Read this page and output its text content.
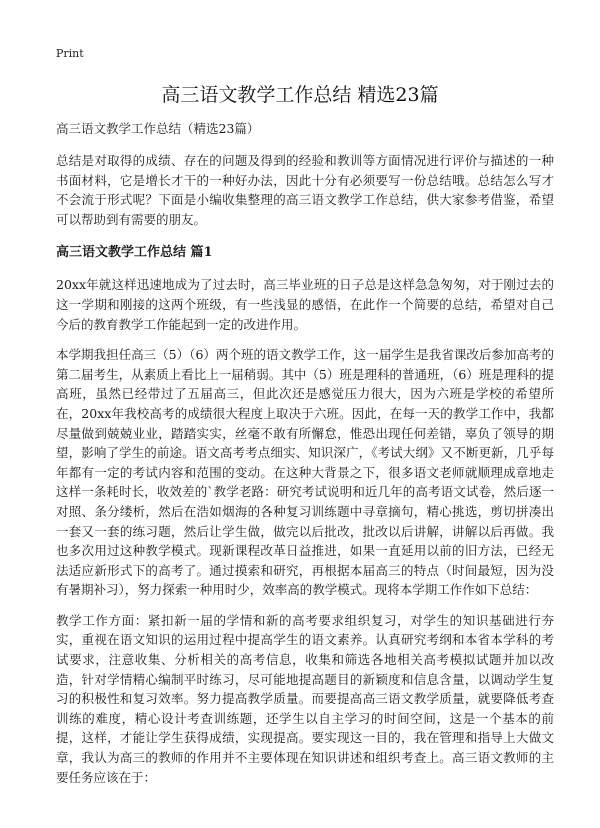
Print
高三语文教学工作总结 精选23篇

高三语文教学工作总结（精选23篇）

总结是对取得的成绩、存在的问题及得到的经验和教训等方面情况进行评价与描述的一种书面材料，它是增长才干的一种好办法，因此十分有必须要写一份总结哦。总结怎么写才不会流于形式呢？下面是小编收集整理的高三语文教学工作总结，供大家参考借鉴，希望可以帮助到有需要的朋友。

高三语文教学工作总结 篇1

20xx年就这样迅速地成为了过去时，高三毕业班的日子总是这样急急匆匆，对于刚过去的这一学期和刚接的这两个班级，有一些浅显的感悟，在此作一个简要的总结，希望对自己今后的教育教学工作能起到一定的改进作用。

本学期我担任高三（5）（6）两个班的语文教学工作，这一届学生是我省课改后参加高考的第二届考生，从素质上看比上一届稍弱。其中（5）班是理科的普通班，（6）班是理科的提高班，虽然已经带过了五届高三，但此次还是感觉压力很大，因为六班是学校的希望所在，20xx年我校高考的成绩很大程度上取决于六班。因此，在每一天的教学工作中，我都尽量做到兢兢业业，踏踏实实，丝毫不敢有所懈怠，惟恐出现任何差错，辜负了领导的期望，影响了学生的前途。语文高考考点细实、知识深广，《考试大纲》又不断更新，几乎每年都有一定的考试内容和范围的变动。在这种大背景之下，很多语文老师就顺理成章地走这样一条耗时长，收效差的`教学老路：研究考试说明和近几年的高考语文试卷，然后逐一对照、条分缕析，然后在浩如烟海的各种复习训练题中寻章摘句，精心挑选，剪切拼凑出一套又一套的练习题，然后让学生做，做完以后批改，批改以后讲解，讲解以后再做。我也多次用过这种教学模式。现新课程改革日益推进，如果一直延用以前的旧方法，已经无法适应新形式下的高考了。通过摸索和研究，再根据本届高三的特点（时间最短，因为没有暑期补习），努力探索一种用时少，效率高的教学模式。现将本学期工作作如下总结：

教学工作方面：紧扣新一届的学情和新的高考要求组织复习，对学生的知识基础进行夯实，重视在语文知识的运用过程中提高学生的语文素养。认真研究考纲和本省本学科的考试要求，注意收集、分析相关的高考信息，收集和筛选各地相关高考模拟试题并加以改造，针对学情精心编制平时练习，尽可能地提高题目的新颖度和信息含量，以调动学生复习的积极性和复习效率。努力提高教学质量。而要提高高三语文教学质量，就要降低考查训练的难度，精心设计考查训练题，还学生以自主学习的时间空间，这是一个基本的前提，这样，才能让学生获得成绩，实现提高。要实现这一目的，我在管理和指导上大做文章，我认为高三的教师的作用并不主要体现在知识讲述和组织考查上。高三语文教师的主要任务应该在于：
